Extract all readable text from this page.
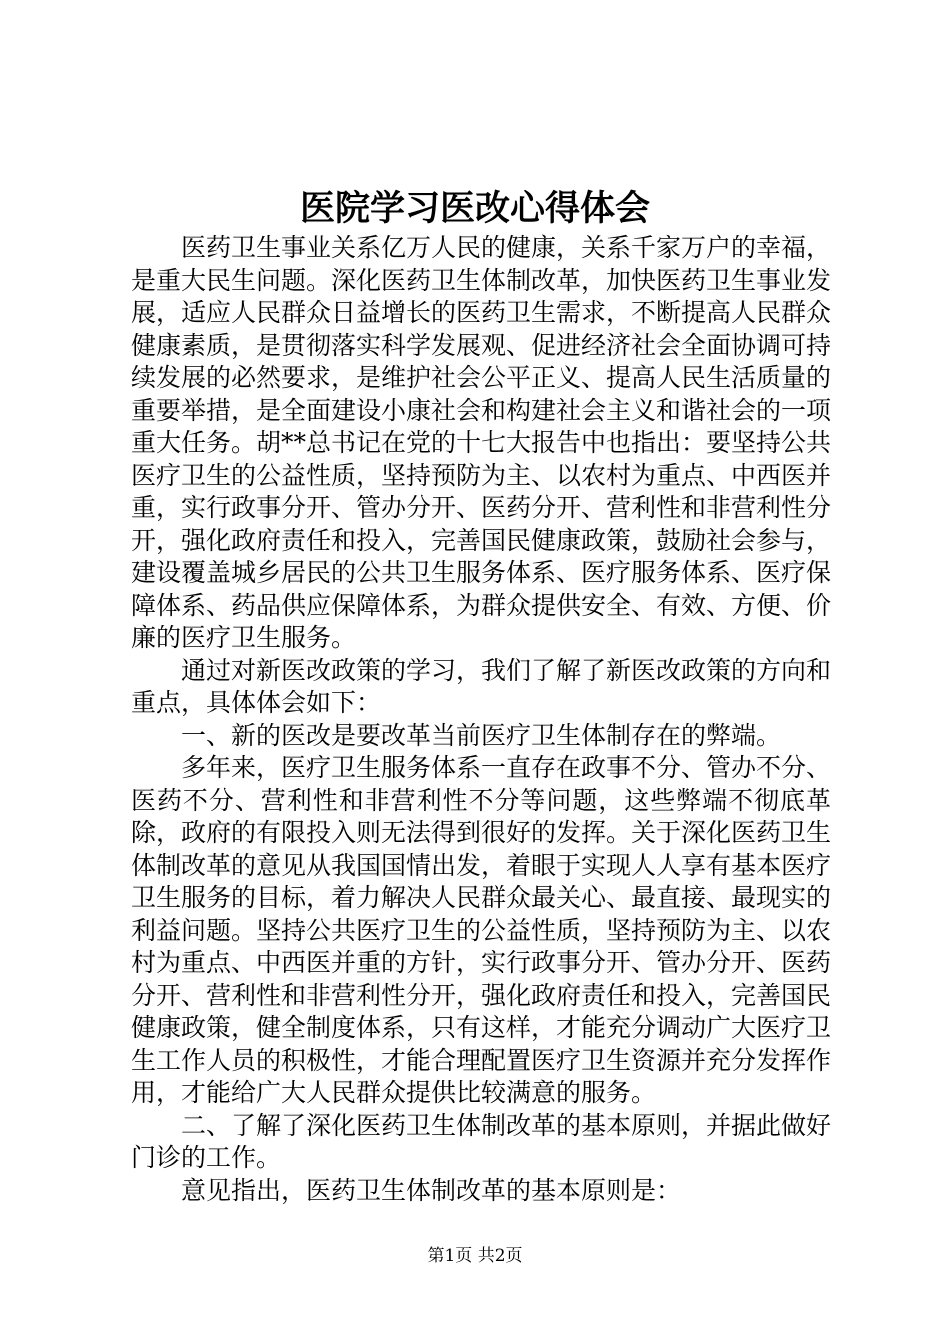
医院学习医改心得体会

医药卫生事业关系亿万人民的健康，关系千家万户的幸福，是重大民生问题。深化医药卫生体制改革，加快医药卫生事业发展，适应人民群众日益增长的医药卫生需求，不断提高人民群众健康素质，是贯彻落实科学发展观、促进经济社会全面协调可持续发展的必然要求，是维护社会公平正义、提高人民生活质量的重要举措，是全面建设小康社会和构建社会主义和谐社会的一项重大任务。胡**总书记在党的十七大报告中也指出：要坚持公共医疗卫生的公益性质，坚持预防为主、以农村为重点、中西医并重，实行政事分开、管办分开、医药分开、营利性和非营利性分开，强化政府责任和投入，完善国民健康政策，鼓励社会参与，建设覆盖城乡居民的公共卫生服务体系、医疗服务体系、医疗保障体系、药品供应保障体系，为群众提供安全、有效、方便、价廉的医疗卫生服务。

通过对新医改政策的学习，我们了解了新医改政策的方向和重点，具体体会如下：

一、新的医改是要改革当前医疗卫生体制存在的弊端。

多年来，医疗卫生服务体系一直存在政事不分、管办不分、医药不分、营利性和非营利性不分等问题，这些弊端不彻底革除，政府的有限投入则无法得到很好的发挥。关于深化医药卫生体制改革的意见从我国国情出发，着眼于实现人人享有基本医疗卫生服务的目标，着力解决人民群众最关心、最直接、最现实的利益问题。坚持公共医疗卫生的公益性质，坚持预防为主、以农村为重点、中西医并重的方针，实行政事分开、管办分开、医药分开、营利性和非营利性分开，强化政府责任和投入，完善国民健康政策，健全制度体系，只有这样，才能充分调动广大医疗卫生工作人员的积极性，才能合理配置医疗卫生资源并充分发挥作用，才能给广大人民群众提供比较满意的服务。

二、了解了深化医药卫生体制改革的基本原则，并据此做好门诊的工作。

意见指出，医药卫生体制改革的基本原则是：

第1页 共2页
